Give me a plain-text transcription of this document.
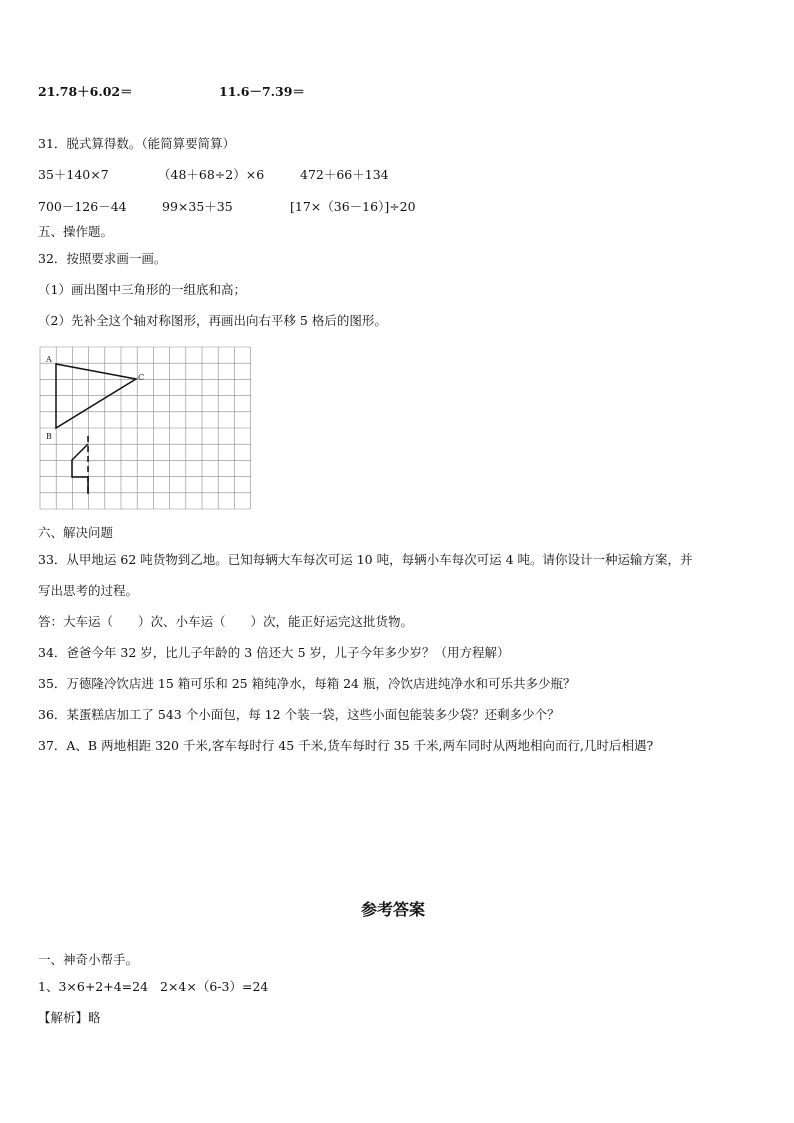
21.78＋6.02＝	11.6－7.39＝
31．脱式算得数。（能简算要简算）
35＋140×7	（48＋68÷2）×6	472＋66＋134
700－126－44	99×35＋35	[17×（36－16）]÷20
五、操作题。
32．按照要求画一画。
（1）画出图中三角形的一组底和高；
（2）先补全这个轴对称图形，再画出向右平移 5 格后的图形。
A
B
C
六、解决问题
33．从甲地运 62 吨货物到乙地。已知每辆大车每次可运 10 吨，每辆小车每次可运 4 吨。请你设计一种运输方案，并
写出思考的过程。
答：大车运（　　）次、小车运（　　）次，能正好运完这批货物。
34．爸爸今年 32 岁，比儿子年龄的 3 倍还大 5 岁，儿子今年多少岁？（用方程解）
35．万德隆冷饮店进 15 箱可乐和 25 箱纯净水，每箱 24 瓶，冷饮店进纯净水和可乐共多少瓶？
36．某蛋糕店加工了 543 个小面包，每 12 个装一袋，这些小面包能装多少袋？还剩多少个？
37．A、B 两地相距 320 千米,客车每时行 45 千米,货车每时行 35 千米,两车同时从两地相向而行,几时后相遇?
参考答案
一、神奇小帮手。
1、3×6+2+4=24 2×4×（6-3）=24
【解析】略
